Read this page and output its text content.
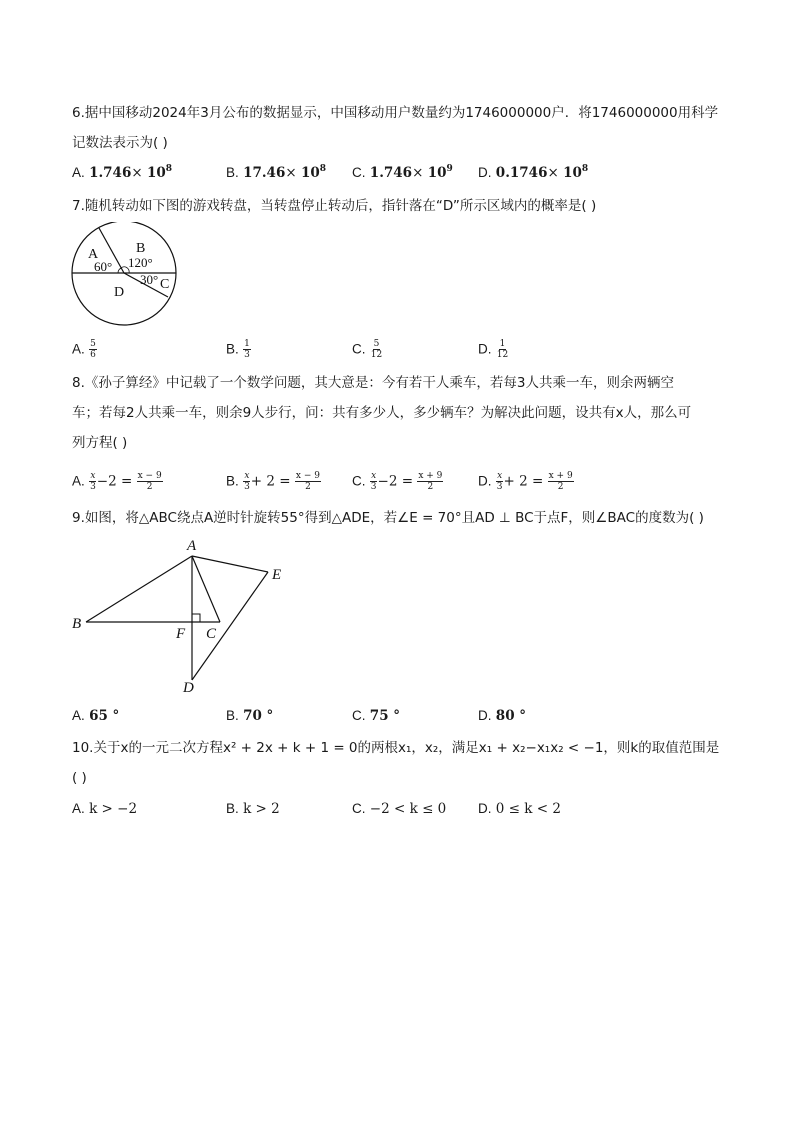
6.据中国移动2024年3月公布的数据显示，中国移动用户数量约为1746000000户．将1746000000用科学
记数法表示为( )
A. $1.746\times 10^8$	B. $17.46\times 10^8$ C. $1.746\times 10^9$ D. $0.1746\times 10^8$
7.随机转动如下图的游戏转盘，当转盘停止转动后，指针落在“D”所示区域内的概率是( )
A	B
C
D
60° 120°
30°
A. $\frac{5}{6}$	B. $\frac{1}{3}$	C. $\frac{5}{12}$	D. $\frac{1}{12}$
8.《孙子算经》中记载了一个数学问题，其大意是：今有若干人乘车，若每3人共乘一车，则余两辆空
车；若每2人共乘一车，则余9人步行，问：共有多少人，多少辆车？为解决此问题，设共有x人，那么可
列方程( )
A. $\frac{x}{3} -2 = \frac{x - 9}{2}$	B. $\frac{x}{3} + 2 = \frac{x - 9}{2} C$. $\frac{x}{3} -2 = \frac{x + 9}{2}$	D. $\frac{x}{3} + 2 = \frac{x + 9}{2}$
9.如图，将△ABC绕点A逆时针旋转55°得到△ADE，若∠E = 70°且AD ⊥ BC于点F，则∠BAC的度数为( )
A
B
C
D
E
F
A. 65 °	B. 70 °	C. 75 °	D. 80 °
10.关于x的一元二次方程x² + 2x + k + 1 = 0的两根x₁，x₂，满足x₁ + x₂−x₁x₂ < −1，则k的取值范围是
( )
A. k > −2	B. k > 2	C. −2 < k ≤ 0 D. 0 ≤ k < 2
